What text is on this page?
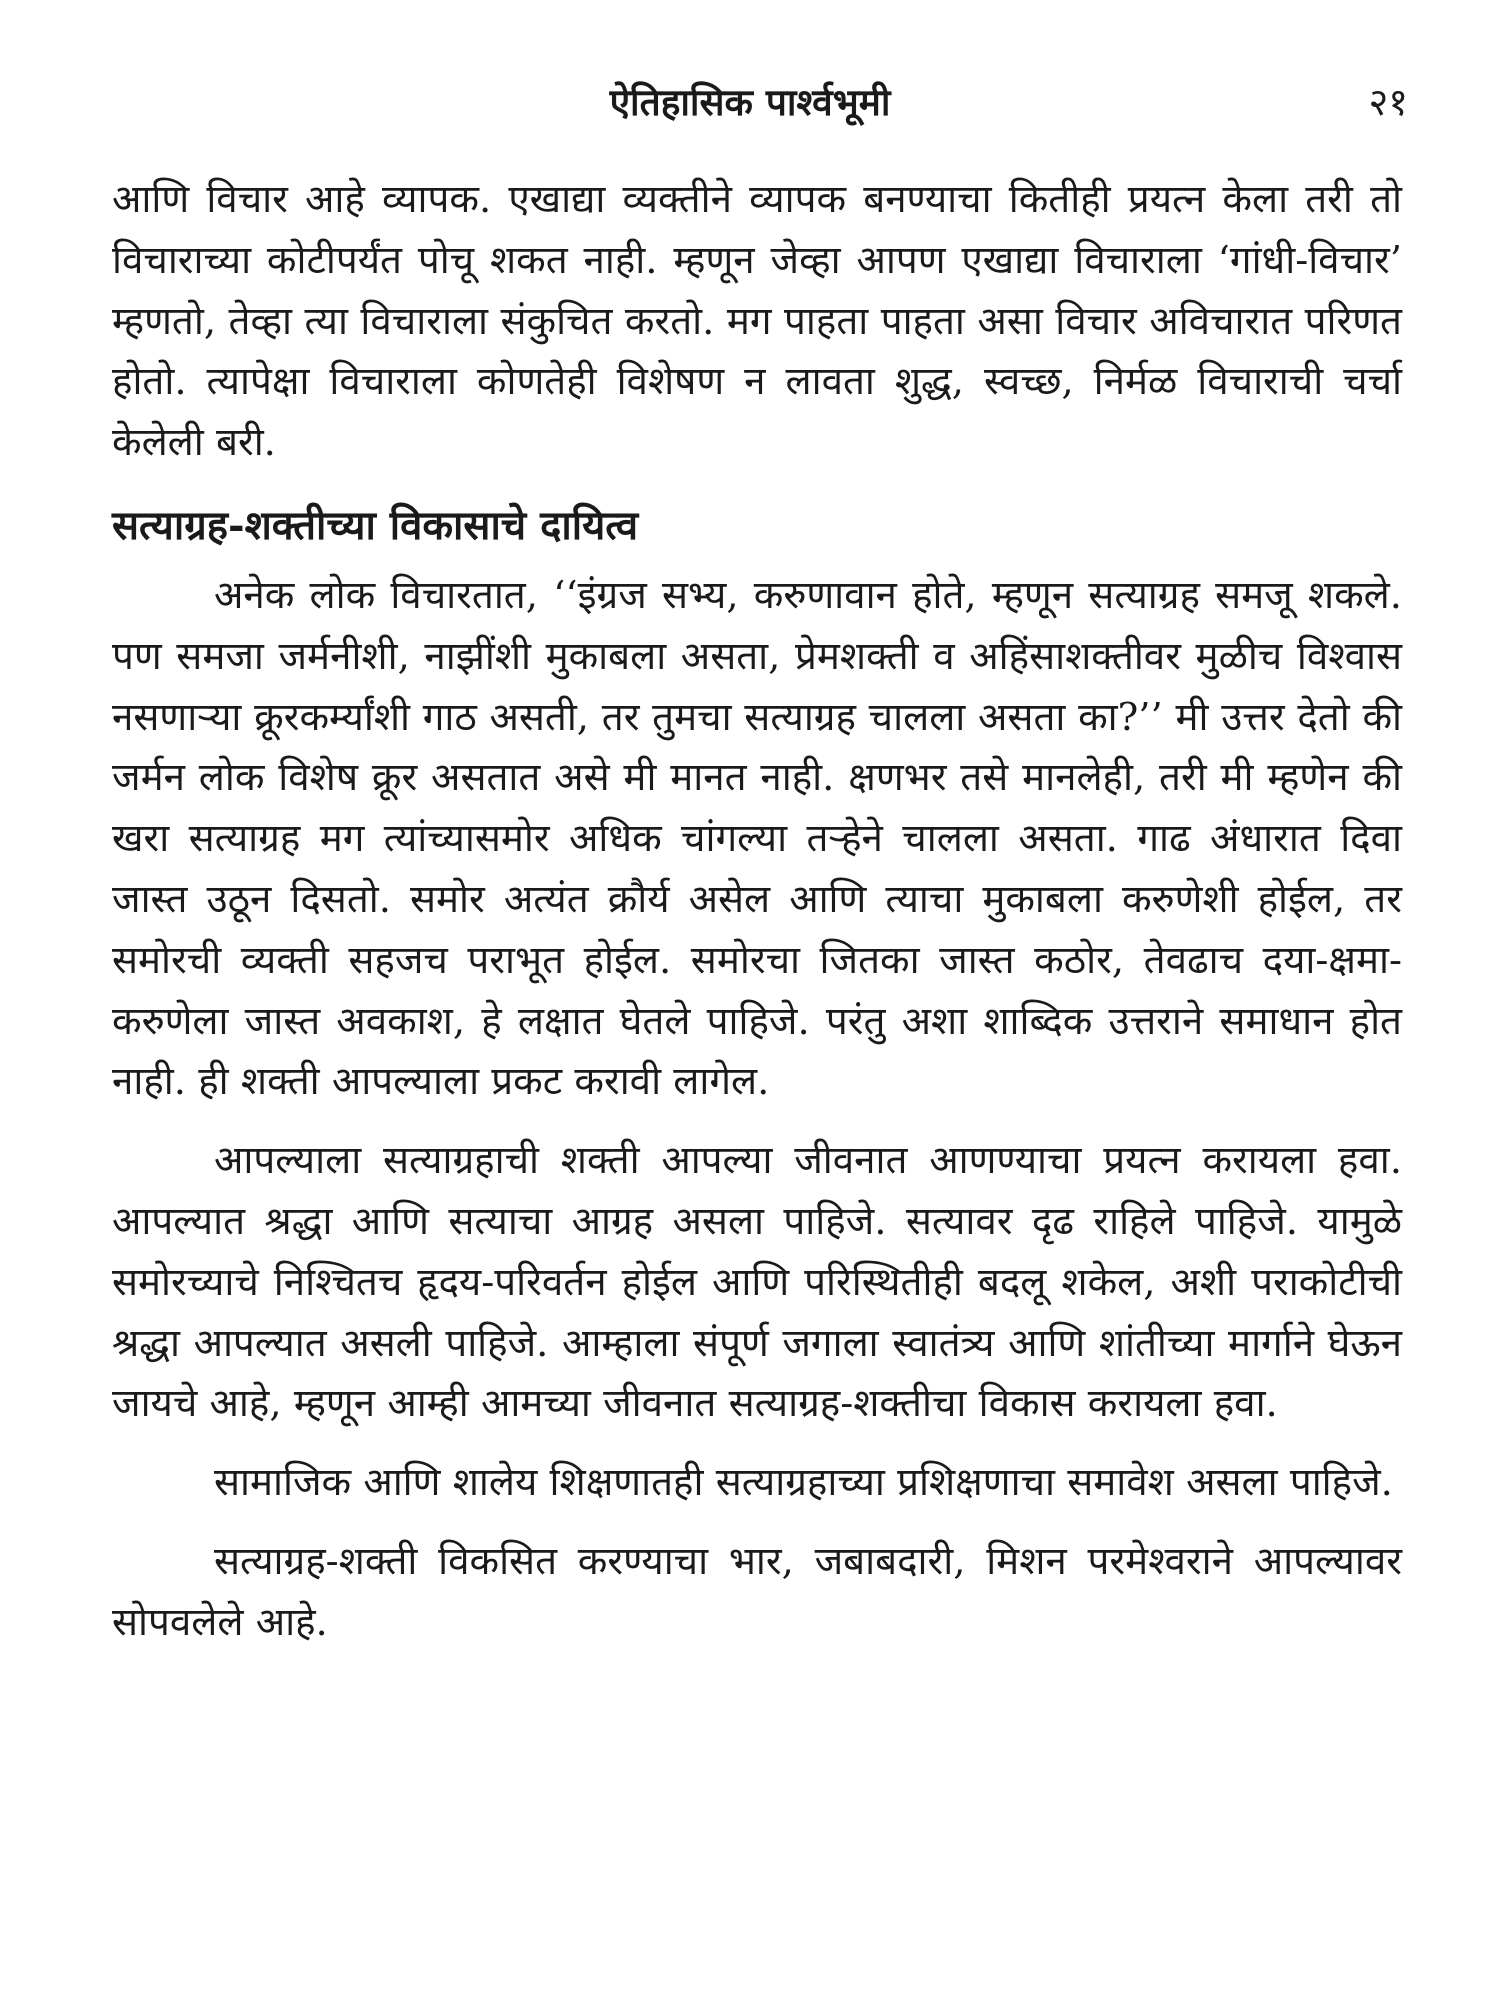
ऐतिहासिक पार्श्वभूमी	२१

आणि विचार आहे व्यापक. एखाद्या व्यक्तीने व्यापक बनण्याचा कितीही प्रयत्न केला तरी तो विचाराच्या कोटीपर्यंत पोचू शकत नाही. म्हणून जेव्हा आपण एखाद्या विचाराला ‘गांधी-विचार’ म्हणतो, तेव्हा त्या विचाराला संकुचित करतो. मग पाहता पाहता असा विचार अविचारात परिणत होतो. त्यापेक्षा विचाराला कोणतेही विशेषण न लावता शुद्ध, स्वच्छ, निर्मळ विचाराची चर्चा केलेली बरी.

सत्याग्रह-शक्तीच्या विकासाचे दायित्व

अनेक लोक विचारतात, ‘‘इंग्रज सभ्य, करुणावान होते, म्हणून सत्याग्रह समजू शकले. पण समजा जर्मनीशी, नाझींशी मुकाबला असता, प्रेमशक्ती व अहिंसाशक्तीवर मुळीच विश्वास नसणाऱ्या क्रूरकर्म्यांशी गाठ असती, तर तुमचा सत्याग्रह चालला असता का?’’ मी उत्तर देतो की जर्मन लोक विशेष क्रूर असतात असे मी मानत नाही. क्षणभर तसे मानलेही, तरी मी म्हणेन की खरा सत्याग्रह मग त्यांच्यासमोर अधिक चांगल्या तऱ्हेने चालला असता. गाढ अंधारात दिवा जास्त उठून दिसतो. समोर अत्यंत क्रौर्य असेल आणि त्याचा मुकाबला करुणेशी होईल, तर समोरची व्यक्ती सहजच पराभूत होईल. समोरचा जितका जास्त कठोर, तेवढाच दया-क्षमा-करुणेला जास्त अवकाश, हे लक्षात घेतले पाहिजे. परंतु अशा शाब्दिक उत्तराने समाधान होत नाही. ही शक्ती आपल्याला प्रकट करावी लागेल.

आपल्याला सत्याग्रहाची शक्ती आपल्या जीवनात आणण्याचा प्रयत्न करायला हवा. आपल्यात श्रद्धा आणि सत्याचा आग्रह असला पाहिजे. सत्यावर दृढ राहिले पाहिजे. यामुळे समोरच्याचे निश्चितच हृदय-परिवर्तन होईल आणि परिस्थितीही बदलू शकेल, अशी पराकोटीची श्रद्धा आपल्यात असली पाहिजे. आम्हाला संपूर्ण जगाला स्वातंत्र्य आणि शांतीच्या मार्गाने घेऊन जायचे आहे, म्हणून आम्ही आमच्या जीवनात सत्याग्रह-शक्तीचा विकास करायला हवा.

सामाजिक आणि शालेय शिक्षणातही सत्याग्रहाच्या प्रशिक्षणाचा समावेश असला पाहिजे.

सत्याग्रह-शक्ती विकसित करण्याचा भार, जबाबदारी, मिशन परमेश्वराने आपल्यावर सोपवलेले आहे.
